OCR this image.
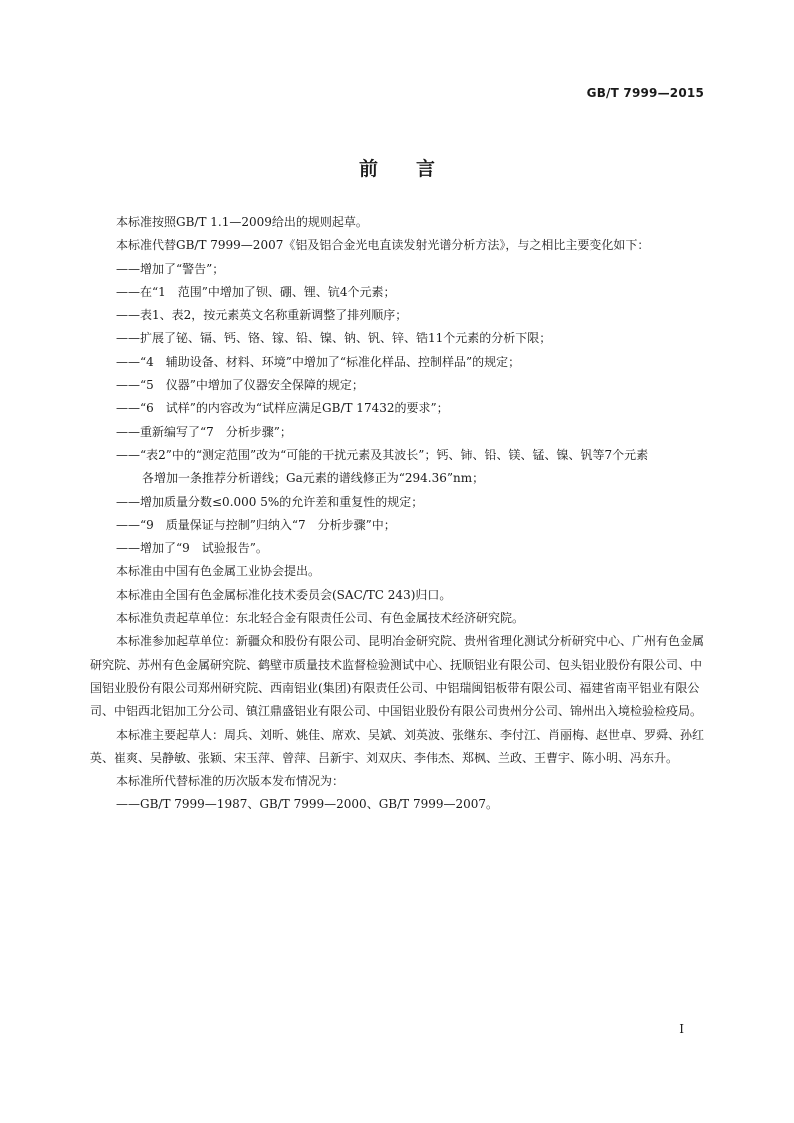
GB/T 7999—2015
前言

本标准按照GB/T 1.1—2009给出的规则起草。

本标准代替GB/T 7999—2007《铝及铝合金光电直读发射光谱分析方法》，与之相比主要变化如下：

——增加了“警告”；

——在“1　范围”中增加了钡、硼、锂、钪4个元素；

——表1、表2，按元素英文名称重新调整了排列顺序；

——扩展了铋、镉、钙、铬、镓、铅、镍、钠、钒、锌、锆11个元素的分析下限；

——“4　辅助设备、材料、环境”中增加了“标准化样品、控制样品”的规定；

——“5　仪器”中增加了仪器安全保障的规定；

——“6　试样”的内容改为“试样应满足GB/T 17432的要求”；

——重新编写了“7　分析步骤”；

——“表2”中的“测定范围”改为“可能的干扰元素及其波长”；钙、铈、铅、镁、锰、镍、钒等7个元素

各增加一条推荐分析谱线；Ga元素的谱线修正为“294.36”nm；

——增加质量分数≤0.000 5%的允许差和重复性的规定；

——“9　质量保证与控制”归纳入“7　分析步骤”中；

——增加了“9　试验报告”。

本标准由中国有色金属工业协会提出。

本标准由全国有色金属标准化技术委员会(SAC/TC 243)归口。

本标准负责起草单位：东北轻合金有限责任公司、有色金属技术经济研究院。

本标准参加起草单位：新疆众和股份有限公司、昆明冶金研究院、贵州省理化测试分析研究中心、广州有色金属研究院、苏州有色金属研究院、鹤壁市质量技术监督检验测试中心、抚顺铝业有限公司、包头铝业股份有限公司、中国铝业股份有限公司郑州研究院、西南铝业(集团)有限责任公司、中铝瑞闽铝板带有限公司、福建省南平铝业有限公司、中铝西北铝加工分公司、镇江鼎盛铝业有限公司、中国铝业股份有限公司贵州分公司、锦州出入境检验检疫局。

本标准主要起草人：周兵、刘昕、姚佳、席欢、吴斌、刘英波、张继东、李付江、肖丽梅、赵世卓、罗舜、孙红英、崔爽、吴静敏、张颖、宋玉萍、曾萍、吕新宇、刘双庆、李伟杰、郑枫、兰政、王曹宇、陈小明、冯东升。

本标准所代替标准的历次版本发布情况为：

——GB/T 7999—1987、GB/T 7999—2000、GB/T 7999—2007。

I
